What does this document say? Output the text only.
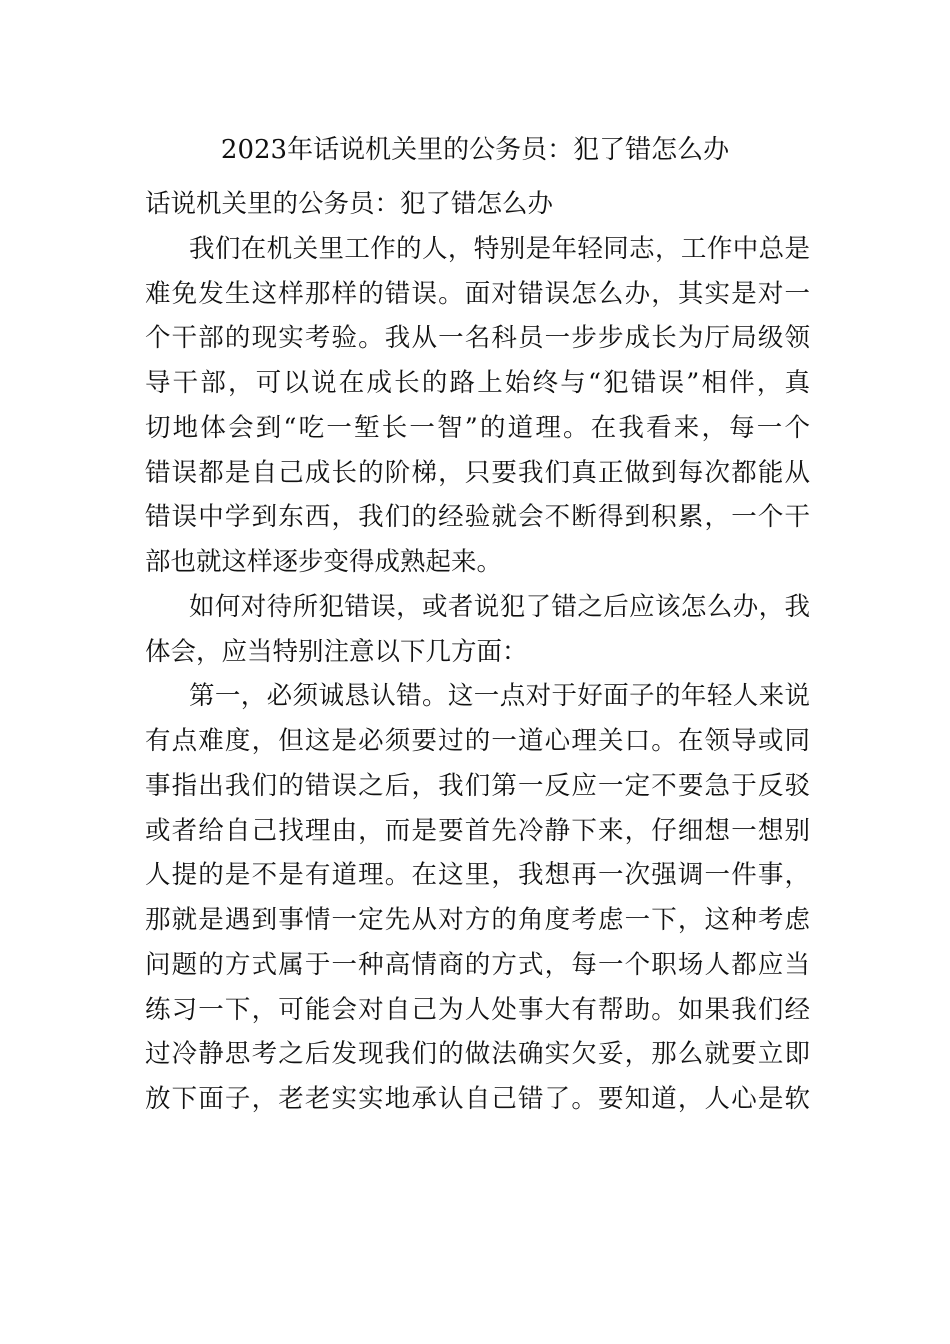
2023年话说机关里的公务员：犯了错怎么办

话说机关里的公务员：犯了错怎么办

我们在机关里工作的人，特别是年轻同志，工作中总是
难免发生这样那样的错误。面对错误怎么办，其实是对一
个干部的现实考验。我从一名科员一步步成长为厅局级领
导干部，可以说在成长的路上始终与“犯错误”相伴，真
切地体会到“吃一堑长一智”的道理。在我看来，每一个
错误都是自己成长的阶梯，只要我们真正做到每次都能从
错误中学到东西，我们的经验就会不断得到积累，一个干
部也就这样逐步变得成熟起来。

如何对待所犯错误，或者说犯了错之后应该怎么办，我
体会，应当特别注意以下几方面：

第一，必须诚恳认错。这一点对于好面子的年轻人来说
有点难度，但这是必须要过的一道心理关口。在领导或同
事指出我们的错误之后，我们第一反应一定不要急于反驳
或者给自己找理由，而是要首先冷静下来，仔细想一想别
人提的是不是有道理。在这里，我想再一次强调一件事，
那就是遇到事情一定先从对方的角度考虑一下，这种考虑
问题的方式属于一种高情商的方式，每一个职场人都应当
练习一下，可能会对自己为人处事大有帮助。如果我们经
过冷静思考之后发现我们的做法确实欠妥，那么就要立即
放下面子，老老实实地承认自己错了。要知道，人心是软
